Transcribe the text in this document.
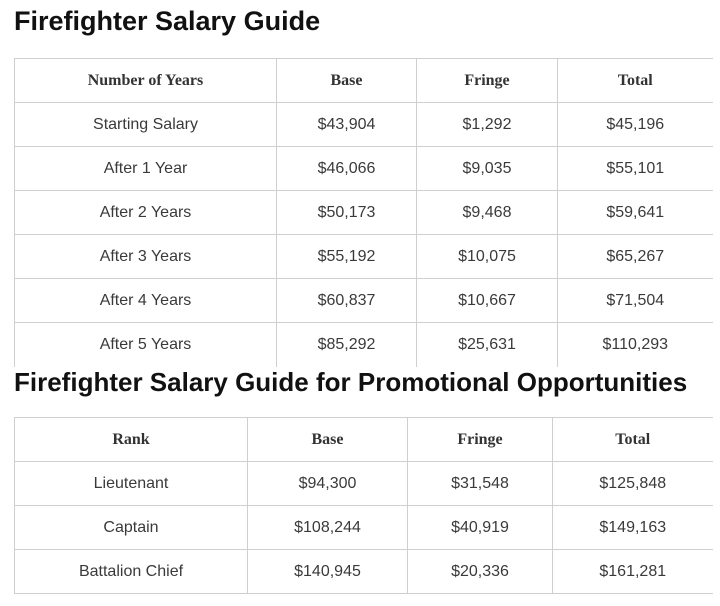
Firefighter Salary Guide
Number of Years	Base	Fringe	Total
Starting Salary	$43,904	$1,292	$45,196
After 1 Year	$46,066	$9,035	$55,101
After 2 Years	$50,173	$9,468	$59,641
After 3 Years	$55,192	$10,075	$65,267
After 4 Years	$60,837	$10,667	$71,504
After 5 Years	$85,292	$25,631	$110,293
Firefighter Salary Guide for Promotional Opportunities
Rank	Base	Fringe	Total
Lieutenant	$94,300	$31,548	$125,848
Captain	$108,244	$40,919	$149,163
Battalion Chief	$140,945	$20,336	$161,281
